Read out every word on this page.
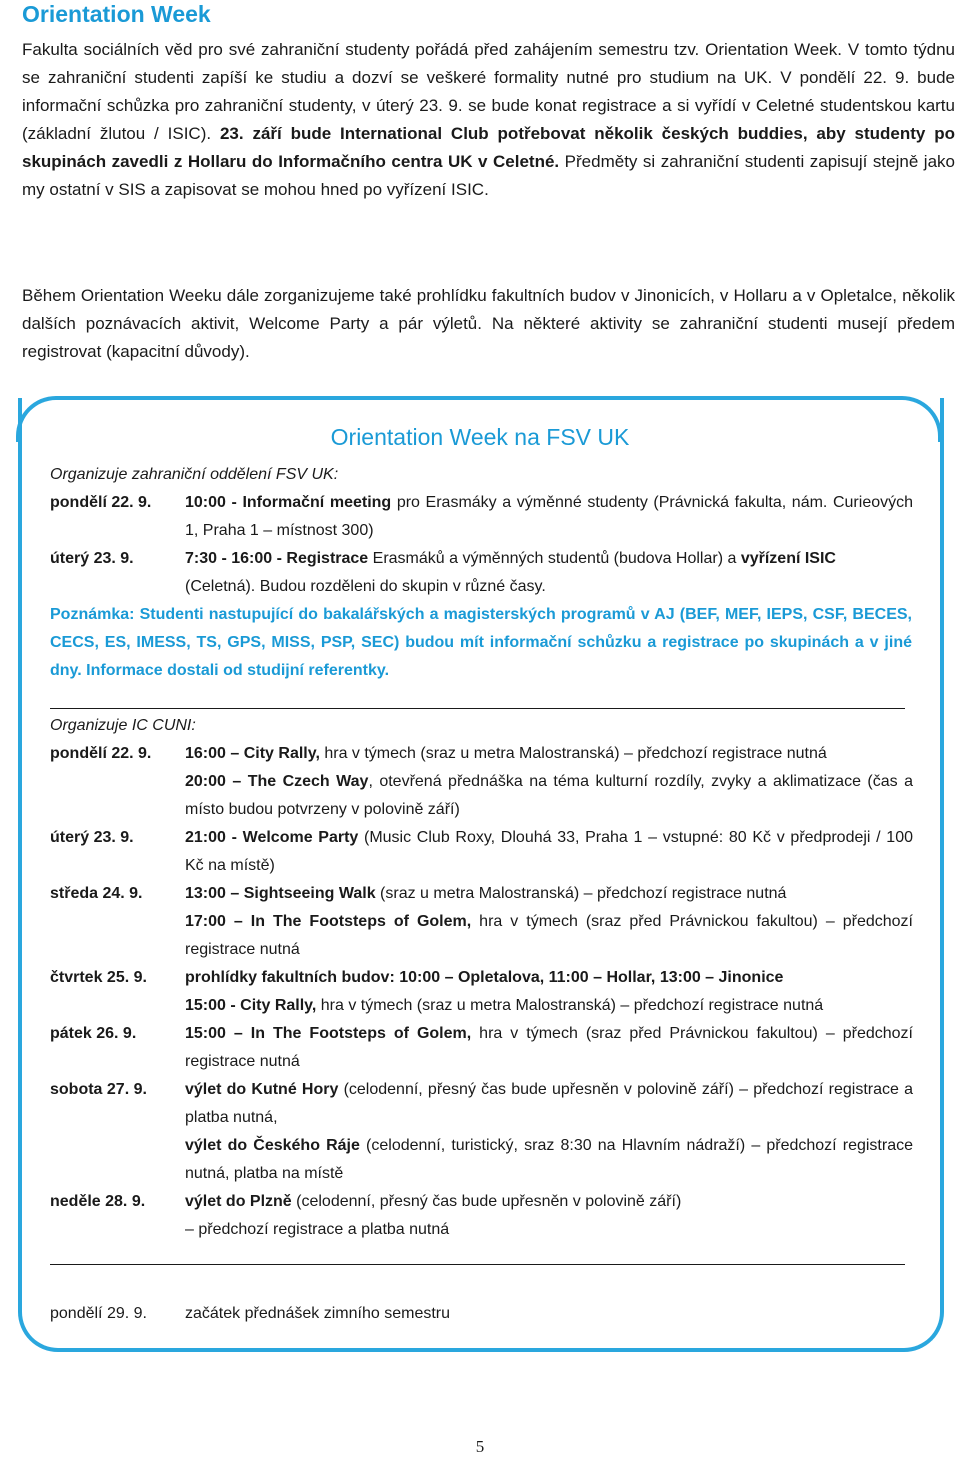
Orientation Week

Fakulta sociálních věd pro své zahraniční studenty pořádá před zahájením semestru tzv. Orientation Week. V tomto týdnu se zahraniční studenti zapíší ke studiu a dozví se veškeré formality nutné pro studium na UK. V pondělí 22. 9. bude informační schůzka pro zahraniční studenty, v úterý 23. 9. se bude konat registrace a si vyřídí v Celetné studentskou kartu (základní žlutou / ISIC). 23. září bude International Club potřebovat několik českých buddies, aby studenty po skupinách zavedli z Hollaru do Informačního centra UK v Celetné. Předměty si zahraniční studenti zapisují stejně jako my ostatní v SIS a zapisovat se mohou hned po vyřízení ISIC.

Během Orientation Weeku dále zorganizujeme také prohlídku fakultních budov v Jinonicích, v Hollaru a v Opletalce, několik dalších poznávacích aktivit, Welcome Party a pár výletů. Na některé aktivity se zahraniční studenti musejí předem registrovat (kapacitní důvody).

Orientation Week na FSV UK
Organizuje zahraniční oddělení FSV UK:
pondělí 22. 9.	10:00 - Informační meeting pro Erasmáky a výměnné studenty (Právnická fakulta, nám. Curieových 1, Praha 1 – místnost 300)
úterý 23. 9.	7:30 - 16:00 - Registrace Erasmáků a výměnných studentů (budova Hollar) a vyřízení ISIC
(Celetná). Budou rozděleni do skupin v různé časy.
Poznámka: Studenti nastupující do bakalářských a magisterských programů v AJ (BEF, MEF, IEPS, CSF, BECES, CECS, ES, IMESS, TS, GPS, MISS, PSP, SEC) budou mít informační schůzku a registrace po skupinách a v jiné dny. Informace dostali od studijní referentky.
Organizuje IC CUNI:
pondělí 22. 9.	16:00 – City Rally, hra v týmech (sraz u metra Malostranská) – předchozí registrace nutná
20:00 – The Czech Way, otevřená přednáška na téma kulturní rozdíly, zvyky a aklimatizace (čas a místo budou potvrzeny v polovině září)
úterý 23. 9.	21:00 - Welcome Party (Music Club Roxy, Dlouhá 33, Praha 1 – vstupné: 80 Kč v předprodeji / 100 Kč na místě)
středa 24. 9.	13:00 – Sightseeing Walk (sraz u metra Malostranská) – předchozí registrace nutná
17:00 – In The Footsteps of Golem, hra v týmech (sraz před Právnickou fakultou) – předchozí registrace nutná
čtvrtek 25. 9.	prohlídky fakultních budov: 10:00 – Opletalova, 11:00 – Hollar, 13:00 – Jinonice
15:00 - City Rally, hra v týmech (sraz u metra Malostranská) – předchozí registrace nutná
pátek 26. 9.	15:00 – In The Footsteps of Golem, hra v týmech (sraz před Právnickou fakultou) – předchozí registrace nutná
sobota 27. 9.	výlet do Kutné Hory (celodenní, přesný čas bude upřesněn v polovině září) – předchozí registrace a platba nutná,
výlet do Českého Ráje (celodenní, turistický, sraz 8:30 na Hlavním nádraží) – předchozí registrace nutná, platba na místě
neděle 28. 9.	výlet do Plzně (celodenní, přesný čas bude upřesněn v polovině září)
– předchozí registrace a platba nutná
pondělí 29. 9.	začátek přednášek zimního semestru
5
